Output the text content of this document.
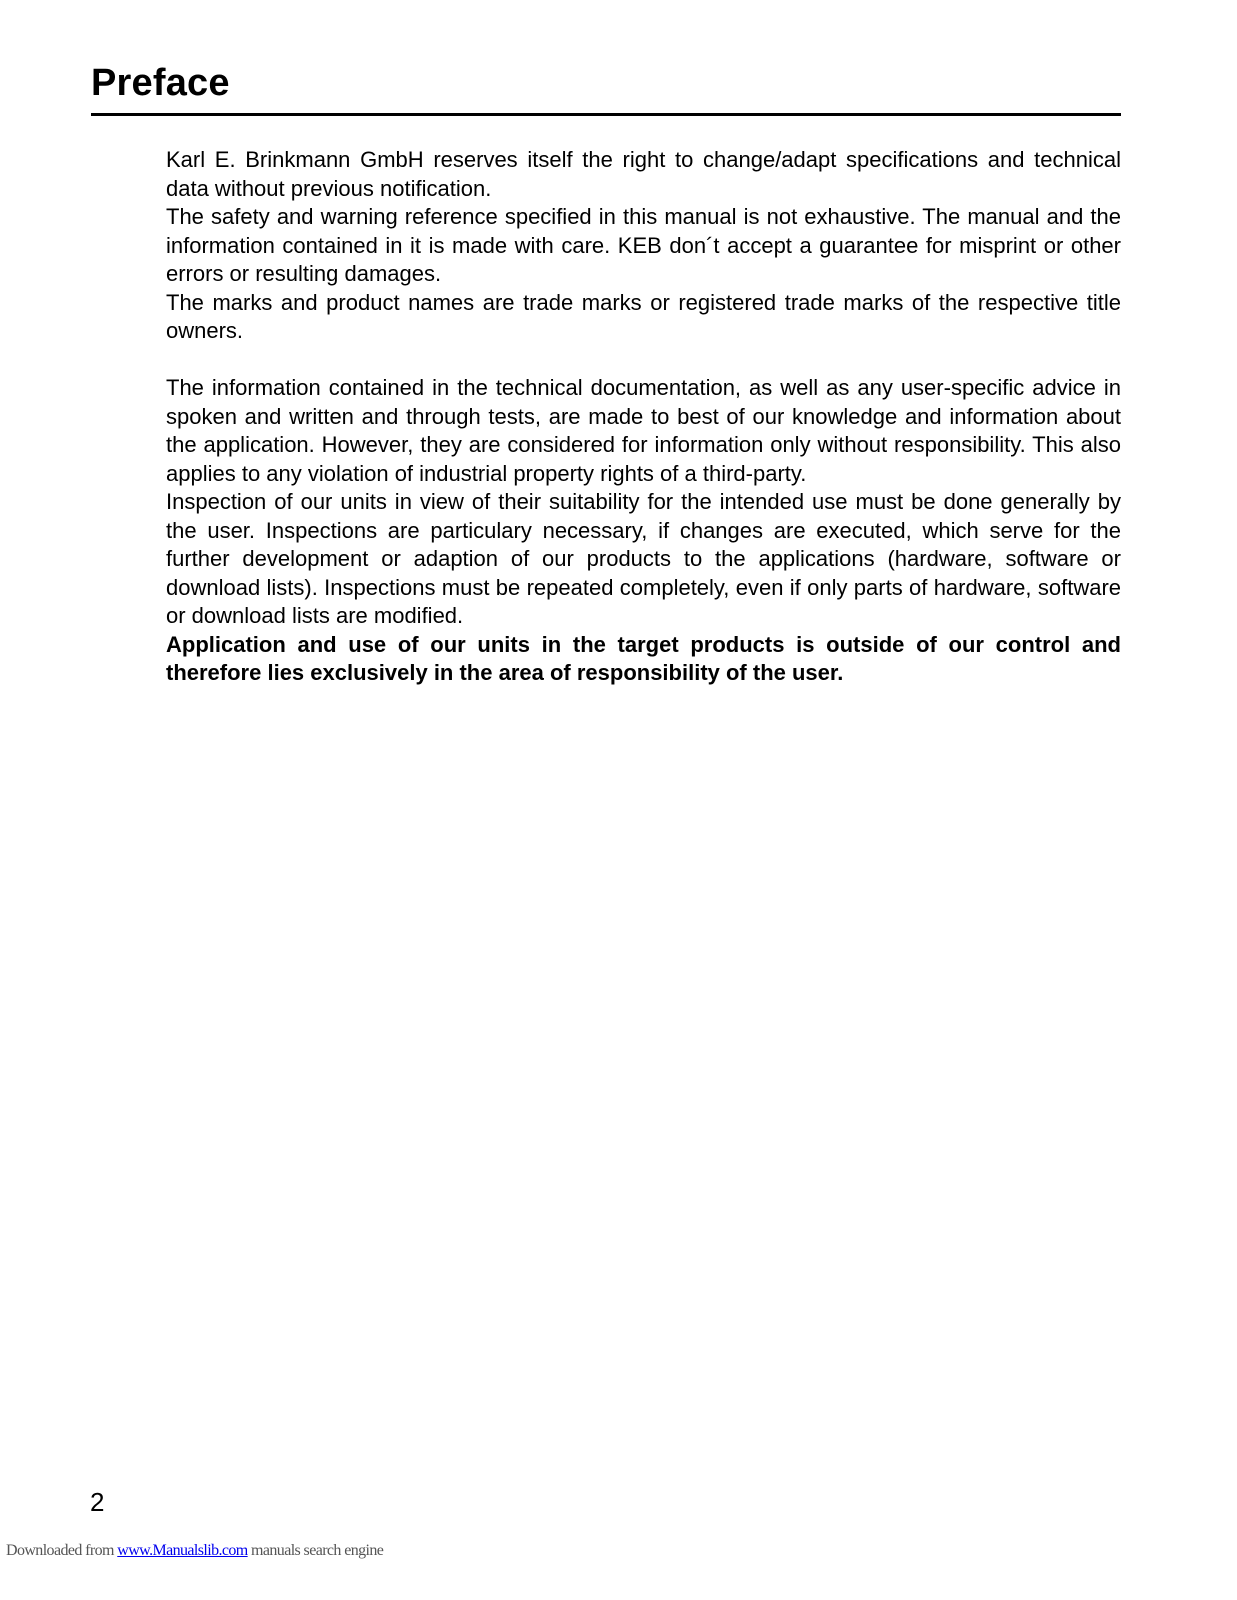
Preface

Karl E. Brinkmann GmbH reserves itself the right to change/adapt specifications and technical data without previous notification.

The safety and warning reference specified in this manual is not exhaustive. The manual and the information contained in it is made with care. KEB don´t accept a guarantee for misprint or other errors or resulting damages.

The marks and product names are trade marks or registered trade marks of the respective title owners.

The information contained in the technical documentation, as well as any user-specific advice in spoken and written and through tests, are made to best of our knowledge and information about the application. However, they are considered for information only without responsibility. This also applies to any violation of industrial property rights of a third-party.

Inspection of our units in view of their suitability for the intended use must be done generally by the user. Inspections are particulary necessary, if changes are executed, which serve for the further development or adaption of our products to the applications (hardware, software or download lists). Inspections must be repeated completely, even if only parts of hardware, software or download lists are modified.

Application and use of our units in the target products is outside of our control and therefore lies exclusively in the area of responsibility of the user.

2
Downloaded from www.Manualslib.com manuals search engine
